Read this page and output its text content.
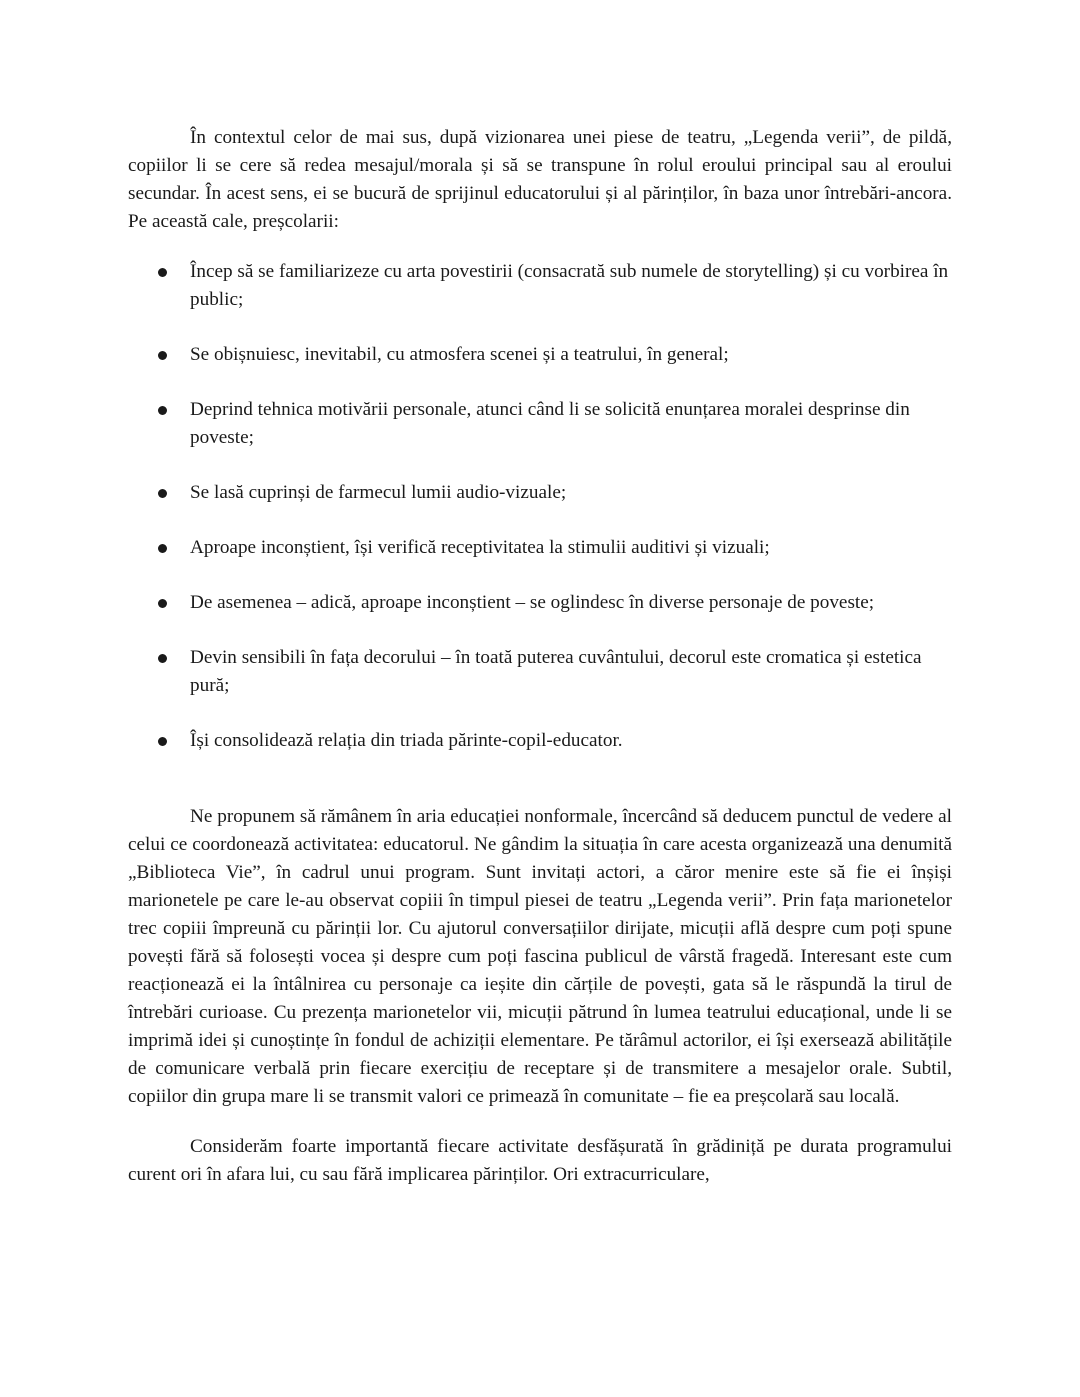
În contextul celor de mai sus, după vizionarea unei piese de teatru, „Legenda verii”, de pildă, copiilor li se cere să redea mesajul/morala și să se transpune în rolul eroului principal sau al eroului secundar. În acest sens, ei se bucură de sprijinul educatorului și al părinților, în baza unor întrebări-ancora. Pe această cale, preșcolarii:

Încep să se familiarizeze cu arta povestirii (consacrată sub numele de storytelling) și cu vorbirea în public;
Se obișnuiesc, inevitabil, cu atmosfera scenei și a teatrului, în general;
Deprind tehnica motivării personale, atunci când li se solicită enunțarea moralei desprinse din poveste;
Se lasă cuprinși de farmecul lumii audio-vizuale;
Aproape inconștient, își verifică receptivitatea la stimulii auditivi și vizuali;
De asemenea – adică, aproape inconștient – se oglindesc în diverse personaje de poveste;
Devin sensibili în fața decorului – în toată puterea cuvântului, decorul este cromatica și estetica pură;
Își consolidează relația din triada părinte-copil-educator.

Ne propunem să rămânem în aria educației nonformale, încercând să deducem punctul de vedere al celui ce coordonează activitatea: educatorul. Ne gândim la situația în care acesta organizează una denumită „Biblioteca Vie”, în cadrul unui program. Sunt invitați actori, a căror menire este să fie ei înșiși marionetele pe care le-au observat copiii în timpul piesei de teatru „Legenda verii”. Prin fața marionetelor trec copiii împreună cu părinții lor. Cu ajutorul conversațiilor dirijate, micuții află despre cum poți spune povești fără să folosești vocea și despre cum poți fascina publicul de vârstă fragedă. Interesant este cum reacționează ei la întâlnirea cu personaje ca ieșite din cărțile de povești, gata să le răspundă la tirul de întrebări curioase. Cu prezența marionetelor vii, micuții pătrund în lumea teatrului educațional, unde li se imprimă idei și cunoștințe în fondul de achiziții elementare. Pe tărâmul actorilor, ei își exersează abilitățile de comunicare verbală prin fiecare exercițiu de receptare și de transmitere a mesajelor orale. Subtil, copiilor din grupa mare li se transmit valori ce primează în comunitate – fie ea preșcolară sau locală.

Considerăm foarte importantă fiecare activitate desfășurată în grădiniță pe durata programului curent ori în afara lui, cu sau fără implicarea părinților. Ori extracurriculare,
